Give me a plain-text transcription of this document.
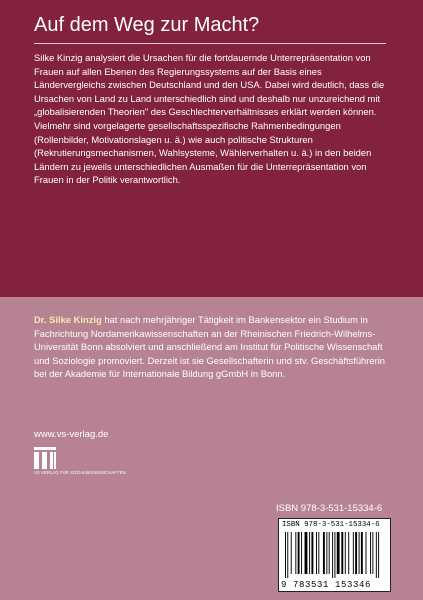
Auf dem Weg zur Macht?

Silke Kinzig analysiert die Ursachen für die fortdauernde Unterrepräsentation von Frauen auf allen Ebenen des Regierungssystems auf der Basis eines Ländervergleichs zwischen Deutschland und den USA. Dabei wird deutlich, dass die Ursachen von Land zu Land unterschiedlich sind und deshalb nur unzureichend mit „globalisierenden Theorien" des Geschlechterverhältnisses erklärt werden können. Vielmehr sind vorgelagerte gesellschaftsspezifische Rahmenbedingungen (Rollenbilder, Motivationslagen u. ä.) wie auch politische Strukturen (Rekrutierungsmechanismen, Wahlsysteme, Wählerverhalten u. ä.) in den beiden Ländern zu jeweils unterschiedlichen Ausmaßen für die Unterrepräsentation von Frauen in der Politik verantwortlich.

Dr. Silke Kinzig hat nach mehrjähriger Tätigkeit im Bankensektor ein Studium in Fachrichtung Nordamerikawissenschaften an der Rheinischen Friedrich-Wilhelms-Universität Bonn absolviert und anschließend am Institut für Politische Wissenschaft und Soziologie promoviert. Derzeit ist sie Gesellschafterin und stv. Geschäftsführerin bei der Akademie für Internationale Bildung gGmbH in Bonn.

www.vs-verlag.de
VS VERLAG FÜR SOZIALWISSENSCHAFTEN
ISBN 978-3-531-15334-6
ISBN 978-3-531-15334-6
9 783531 153346
